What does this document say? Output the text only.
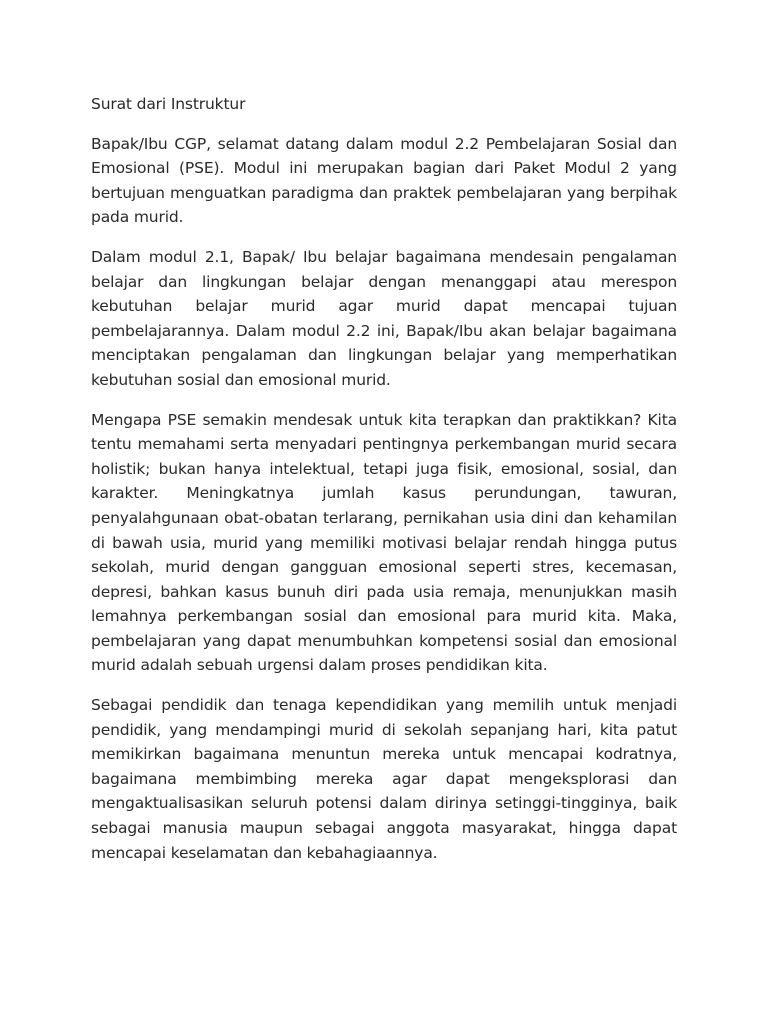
Surat dari Instruktur

Bapak/Ibu CGP, selamat datang dalam modul 2.2 Pembelajaran Sosial dan Emosional (PSE). Modul ini merupakan bagian dari Paket Modul 2 yang bertujuan menguatkan paradigma dan praktek pembelajaran yang berpihak pada murid.

Dalam modul 2.1, Bapak/ Ibu belajar bagaimana mendesain pengalaman belajar dan lingkungan belajar dengan menanggapi atau merespon kebutuhan belajar murid agar murid dapat mencapai tujuan pembelajarannya. Dalam modul 2.2 ini, Bapak/Ibu akan belajar bagaimana menciptakan pengalaman dan lingkungan belajar yang memperhatikan kebutuhan sosial dan emosional murid.

Mengapa PSE semakin mendesak untuk kita terapkan dan praktikkan? Kita tentu memahami serta menyadari pentingnya perkembangan murid secara holistik; bukan hanya intelektual, tetapi juga fisik, emosional, sosial, dan karakter. Meningkatnya jumlah kasus perundungan, tawuran, penyalahgunaan obat-obatan terlarang, pernikahan usia dini dan kehamilan di bawah usia, murid yang memiliki motivasi belajar rendah hingga putus sekolah, murid dengan gangguan emosional seperti stres, kecemasan, depresi, bahkan kasus bunuh diri pada usia remaja, menunjukkan masih lemahnya perkembangan sosial dan emosional para murid kita. Maka, pembelajaran yang dapat menumbuhkan kompetensi sosial dan emosional murid adalah sebuah urgensi dalam proses pendidikan kita.

Sebagai pendidik dan tenaga kependidikan yang memilih untuk menjadi pendidik, yang mendampingi murid di sekolah sepanjang hari, kita patut memikirkan bagaimana menuntun mereka untuk mencapai kodratnya, bagaimana membimbing mereka agar dapat mengeksplorasi dan mengaktualisasikan seluruh potensi dalam dirinya setinggi-tingginya, baik sebagai manusia maupun sebagai anggota masyarakat, hingga dapat mencapai keselamatan dan kebahagiaannya.
